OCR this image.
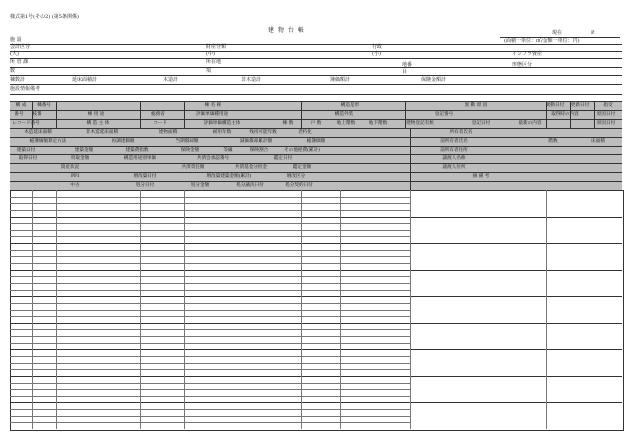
様式第1号(その2) (第5条関係)
建 物 台 帳	現在	P.
(面積一単位：㎡/金額一単位：円)
施 設
会計区分	財産分類	行政
(大)	(中)	(小)	インフラ資産
所 管 課	所在地	地番	形態区分
数	項	目
棟数計	延床面積計	木造計	非木造計	簿価額計	保険金額計
施設情報備考
構 成 棟番号	棟 名 称	構造是形	異 動 原 因	異動日付 更新日付	指受
番号 枝番	棟 用 途	総務省	評価単価種用途	構造外装	登記番号	取得時の内容	原因日付
レコード番号	構 造 主 体	コード	評価単価構造主体	棟 数	戸 数	地上階数	地下階数	建物登記有無	登記日付	最新の内容	原因日付
木造延床面積	非木造延床面積	建物面積	耐用年数	残用可能年数	老朽化	所有者氏名
帳簿価額算定方法	再調達価額	当期償却額	減価償却累計額	帳簿価額	前所有者氏名	階数	床面積
建築日付	建築金額	建築費指数	保険金額	等級	保険割合	その他経費(累計)	前所有者住所
取得日付	買取金額	構造用途別単価	共済会承認番号	鑑定日付	譲渡人名称
資産状況	共済責任額	共済基金分担金	鑑定金額	譲渡人住所
PFI	増改築日付	増改築建築金額(累計)	増改区分	摘 備 考
中古	処分日付	処分金額	処分議決日付	処分契約日付
